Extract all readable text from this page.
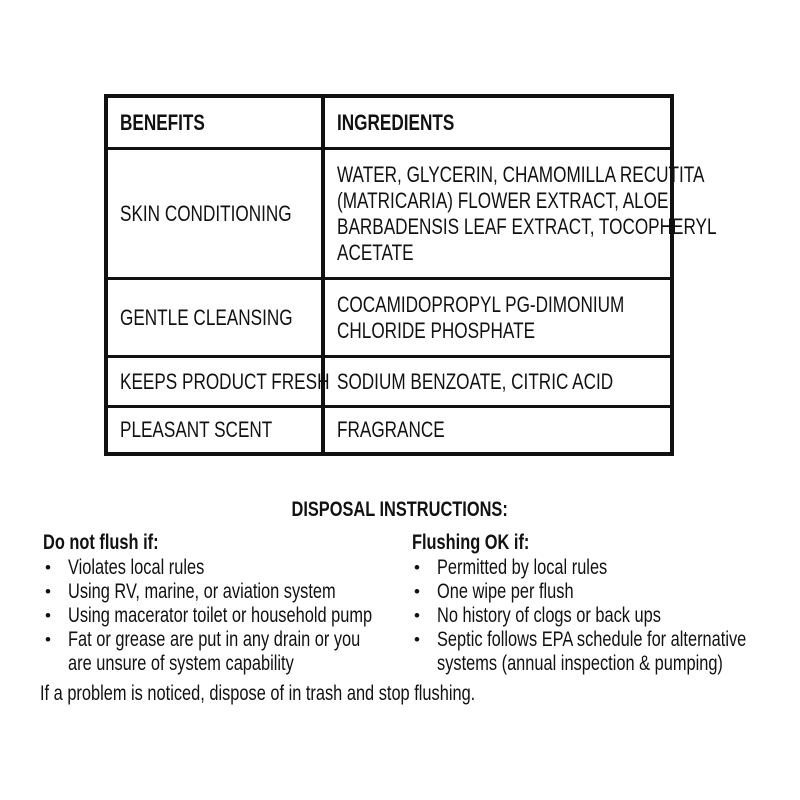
BENEFITS	INGREDIENTS
SKIN CONDITIONING
WATER, GLYCERIN, CHAMOMILLA RECUTITA
(MATRICARIA) FLOWER EXTRACT, ALOE
BARBADENSIS LEAF EXTRACT, TOCOPHERYL
ACETATE
GENTLE CLEANSING
COCAMIDOPROPYL PG-DIMONIUM
CHLORIDE PHOSPHATE
KEEPS PRODUCT FRESH SODIUM BENZOATE, CITRIC ACID
PLEASANT SCENT	FRAGRANCE
DISPOSAL INSTRUCTIONS:
Do not flush if:
• Violates local rules
• Using RV, marine, or aviation system
• Using macerator toilet or household pump
• Fat or grease are put in any drain or you
are unsure of system capability
Flushing OK if:
• Permitted by local rules
• One wipe per flush
• No history of clogs or back ups
• Septic follows EPA schedule for alternative
systems (annual inspection & pumping)
If a problem is noticed, dispose of in trash and stop flushing.
